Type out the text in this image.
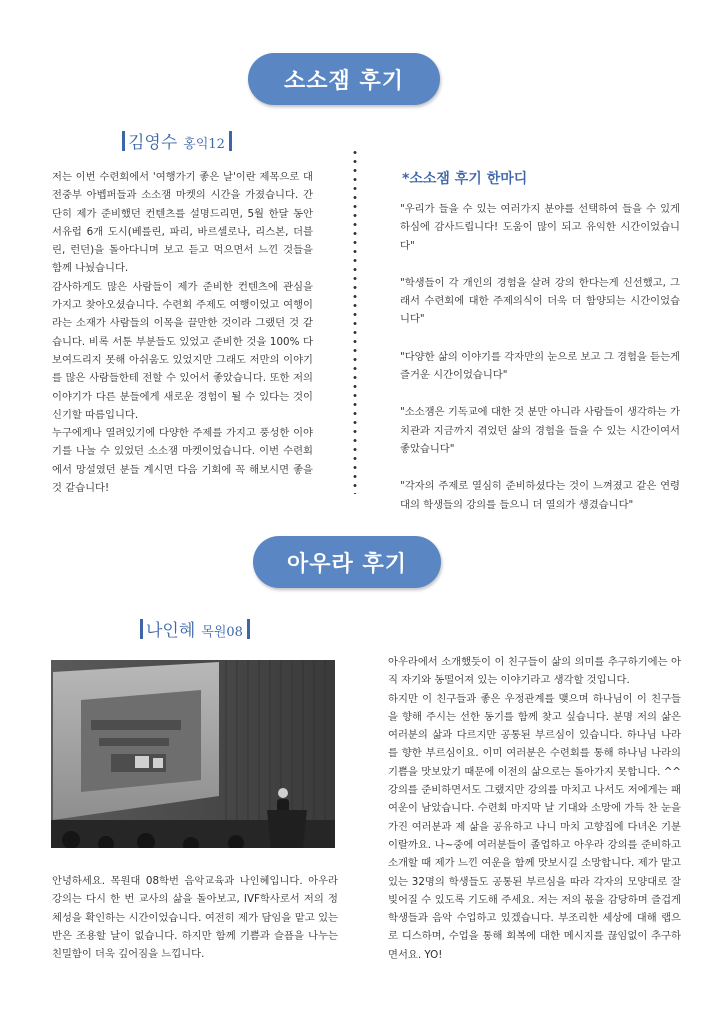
소소잼 후기
김영수 홍익12

저는 이번 수련회에서 '여행가기 좋은 날'이란 제목으로 대전중부 아벱퍼들과 소소잼 마켓의 시간을 가졌습니다. 간단히 제가 준비했던 컨텐츠를 설명드리면, 5월 한달 동안 서유럽 6개 도시(베를린, 파리, 바르셀로나, 리스본, 더블린, 런던)을 돌아다니며 보고 듣고 먹으면서 느낀 것들을 함께 나눴습니다.

감사하게도 많은 사람들이 제가 준비한 컨텐츠에 관심을 가지고 찾아오셨습니다. 수련회 주제도 여행이었고 여행이라는 소재가 사람들의 이목을 끌만한 것이라 그랬던 것 같습니다. 비록 서툰 부분들도 있었고 준비한 것을 100% 다 보여드리지 못해 아쉬움도 있었지만 그래도 저만의 이야기를 많은 사람들한테 전할 수 있어서 좋았습니다. 또한 저의 이야기가 다른 분들에게 새로운 경험이 될 수 있다는 것이 신기할 따름입니다.

누구에게나 열려있기에 다양한 주제를 가지고 풍성한 이야기를 나눌 수 있었던 소소잼 마켓이었습니다. 이번 수련회에서 망설였던 분들 계시면 다음 기회에 꼭 해보시면 좋을 것 같습니다!

*소소잼 후기 한마디

"우리가 들을 수 있는 여러가지 분야를 선택하여 들을 수 있게 하심에 감사드립니다! 도움이 많이 되고 유익한 시간이었습니다"

"학생들이 각 개인의 경험을 살려 강의 한다는게 신선했고, 그래서 수련회에 대한 주제의식이 더욱 더 함양되는 시간이었습니다"

"다양한 삶의 이야기를 각자만의 눈으로 보고 그 경험을 듣는게 즐거운 시간이었습니다"

"소소잼은 기독교에 대한 것 분만 아니라 사람들이 생각하는 가치관과 지금까지 겪었던 삶의 경험을 들을 수 있는 시간이여서 좋았습니다"

"각자의 주제로 열심히 준비하셨다는 것이 느껴졌고 같은 연령대의 학생들의 강의를 들으니 더 열의가 생겼습니다"

아우라 후기
나인혜 목원08

안녕하세요. 목원대 08학번 음악교육과 나인혜입니다. 아우라 강의는 다시 한 번 교사의 삶을 돌아보고, IVF학사로서 저의 정체성을 확인하는 시간이었습니다. 여전히 제가 담임을 맡고 있는 반은 조용할 날이 없습니다. 하지만 함께 기쁨과 슬픔을 나누는 친밀함이 더욱 깊어짐을 느낍니다.

아우라에서 소개했듯이 이 친구들이 삶의 의미를 추구하기에는 아직 자기와 동떨어져 있는 이야기라고 생각할 것입니다.

하지만 이 친구들과 좋은 우정관계를 맺으며 하나님이 이 친구들을 향해 주시는 선한 동기를 함께 찾고 싶습니다. 분명 저의 삶은 여러분의 삶과 다르지만 공통된 부르심이 있습니다. 하나님 나라를 향한 부르심이요. 이미 여러분은 수련회를 통해 하나님 나라의 기쁨을 맛보았기 때문에 이전의 삶으로는 돌아가지 못합니다. ^^ 강의를 준비하면서도 그랬지만 강의를 마치고 나서도 저에게는 패여운이 남았습니다. 수련회 마지막 날 기대와 소망에 가득 찬 눈을 가진 여러분과 제 삶을 공유하고 나니 마치 고향집에 다녀온 기분이랄까요. 나~중에 여러분들이 졸업하고 아우라 강의를 준비하고 소개할 때 제가 느낀 여운을 함께 맛보시길 소망합니다. 제가 맡고 있는 32명의 학생들도 공통된 부르심을 따라 각자의 모양대로 잘 빚어질 수 있도록 기도해 주세요. 저는 저의 몫을 감당하며 즐겁게 학생들과 음악 수업하고 있겠습니다. 부조리한 세상에 대해 랩으로 디스하며, 수업을 통해 회복에 대한 메시지를 끊임없이 추구하면서요. YO!
